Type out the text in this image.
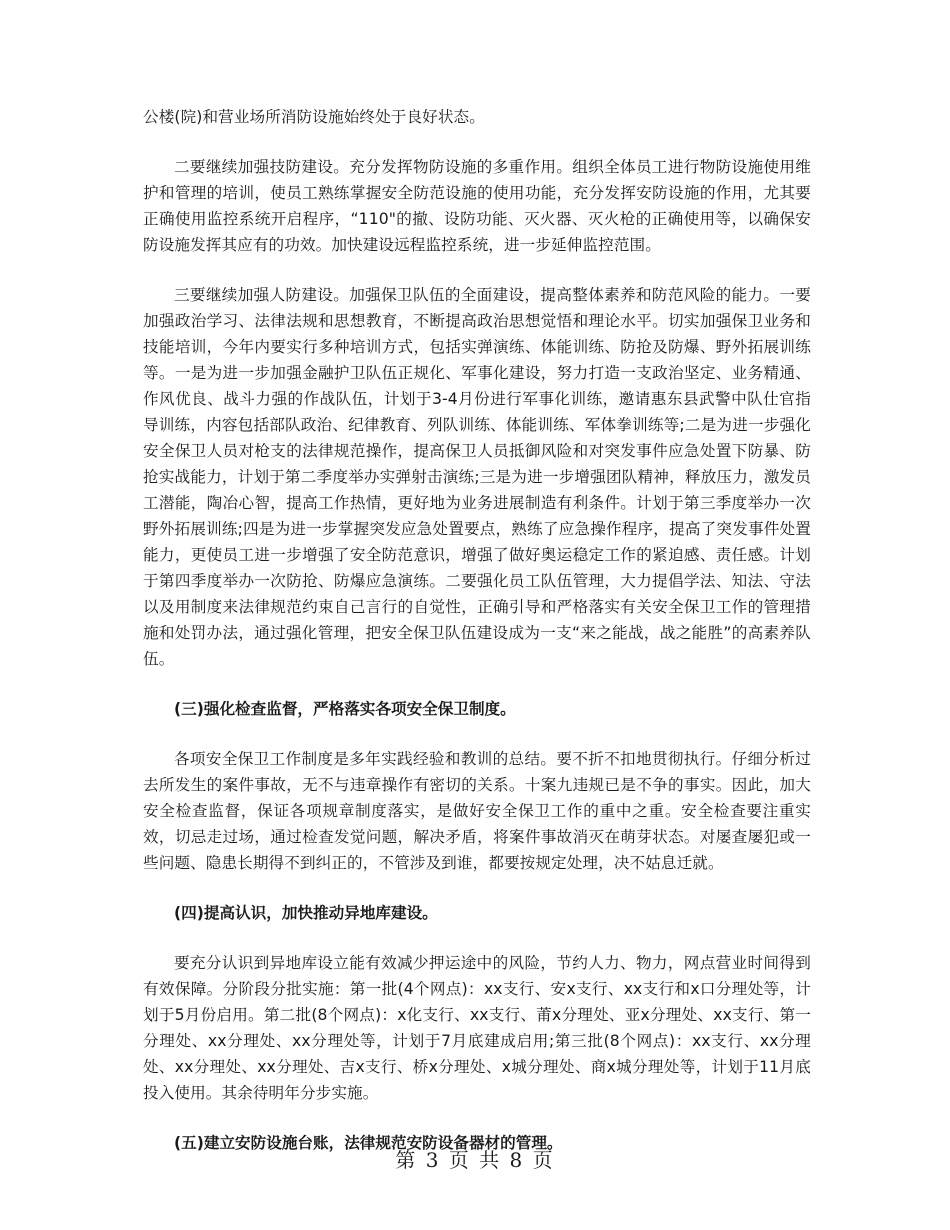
公楼(院)和营业场所消防设施始终处于良好状态。

二要继续加强技防建设。充分发挥物防设施的多重作用。组织全体员工进行物防设施使用维护和管理的培训，使员工熟练掌握安全防范设施的使用功能，充分发挥安防设施的作用，尤其要正确使用监控系统开启程序，“110"的撤、设防功能、灭火器、灭火枪的正确使用等，以确保安防设施发挥其应有的功效。加快建设远程监控系统，进一步延伸监控范围。

三要继续加强人防建设。加强保卫队伍的全面建设，提高整体素养和防范风险的能力。一要加强政治学习、法律法规和思想教育，不断提高政治思想觉悟和理论水平。切实加强保卫业务和技能培训，今年内要实行多种培训方式，包括实弹演练、体能训练、防抢及防爆、野外拓展训练等。一是为进一步加强金融护卫队伍正规化、军事化建设，努力打造一支政治坚定、业务精通、作风优良、战斗力强的作战队伍，计划于3-4月份进行军事化训练，邀请惠东县武警中队仕官指导训练，内容包括部队政治、纪律教育、列队训练、体能训练、军体拳训练等;二是为进一步强化安全保卫人员对枪支的法律规范操作，提高保卫人员抵御风险和对突发事件应急处置下防暴、防抢实战能力，计划于第二季度举办实弹射击演练;三是为进一步增强团队精神，释放压力，激发员工潜能，陶冶心智，提高工作热情，更好地为业务进展制造有利条件。计划于第三季度举办一次野外拓展训练;四是为进一步掌握突发应急处置要点，熟练了应急操作程序，提高了突发事件处置能力，更使员工进一步增强了安全防范意识，增强了做好奥运稳定工作的紧迫感、责任感。计划于第四季度举办一次防抢、防爆应急演练。二要强化员工队伍管理，大力提倡学法、知法、守法以及用制度来法律规范约束自己言行的自觉性，正确引导和严格落实有关安全保卫工作的管理措施和处罚办法，通过强化管理，把安全保卫队伍建设成为一支“来之能战，战之能胜”的高素养队伍。

(三)强化检查监督，严格落实各项安全保卫制度。

各项安全保卫工作制度是多年实践经验和教训的总结。要不折不扣地贯彻执行。仔细分析过去所发生的案件事故，无不与违章操作有密切的关系。十案九违规已是不争的事实。因此，加大安全检查监督，保证各项规章制度落实，是做好安全保卫工作的重中之重。安全检查要注重实效，切忌走过场，通过检查发觉问题，解决矛盾，将案件事故消灭在萌芽状态。对屡查屡犯或一些问题、隐患长期得不到纠正的，不管涉及到谁，都要按规定处理，决不姑息迁就。

(四)提高认识，加快推动异地库建设。

要充分认识到异地库设立能有效减少押运途中的风险，节约人力、物力，网点营业时间得到有效保障。分阶段分批实施：第一批(4个网点)：xx支行、安x支行、xx支行和x口分理处等，计划于5月份启用。第二批(8个网点)：x化支行、xx支行、莆x分理处、亚x分理处、xx支行、第一分理处、xx分理处、xx分理处等，计划于7月底建成启用;第三批(8个网点)：xx支行、xx分理处、xx分理处、xx分理处、吉x支行、桥x分理处、x城分理处、商x城分理处等，计划于11月底投入使用。其余待明年分步实施。

(五)建立安防设施台账，法律规范安防设备器材的管理。

第 3 页 共 8 页
